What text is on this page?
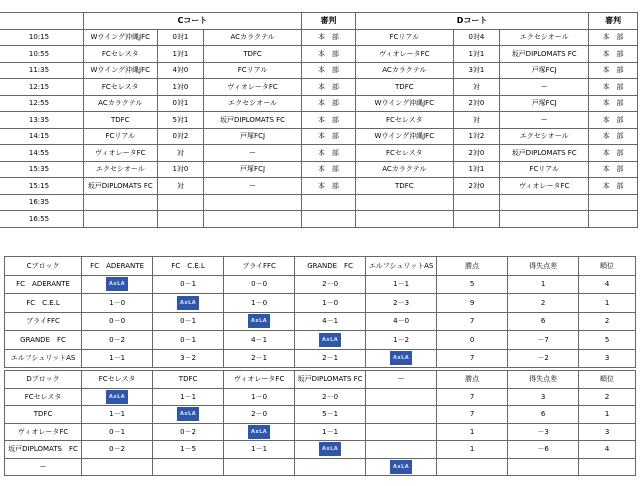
	Cコート			審判	Dコート			審判
10:15	Wウイング沖縄JFC	0対1	ACカラクテル	本　部	FCリアル	0対4	エクセシオール	本　部
10:55	FCセレスタ	1対1	TDFC	本　部	ヴィオレータFC	1対1	坂戸DIPLOMATS FC	本　部
11:35	Wウイング沖縄JFC	4対0	FCリアル	本　部	ACカラクテル	3対1	戸塚FCJ	本　部
12:15	FCセレスタ	1対0	ヴィオレータFC	本　部	TDFC	対	ー	本　部
12:55	ACカラクテル	0対1	エクセシオール	本　部	Wウイング沖縄JFC	2対0	戸塚FCJ	本　部
13:35	TDFC	5対1	坂戸DIPLOMATS FC	本　部	FCセレスタ	対	ー	本　部
14:15	FCリアル	0対2	戸塚FCJ	本　部	Wウイング沖縄JFC	1対2	エクセシオール	本　部
14:55	ヴィオレータFC	対	ー	本　部	FCセレスタ	2対0	坂戸DIPLOMATS FC	本　部
15:35	エクセシオール	1対0	戸塚FCJ	本　部	ACカラクテル	1対1	FCリアル	本　部
15:15	坂戸DIPLOMATS FC	対	ー	本　部	TDFC	2対0	ヴィオレータFC	本　部
16:35								
16:55								
Cブロック	FC　ADERANTE	FC　C.E.L	ブライFFC	GRANDE　FC	エルフシュリットAS	勝点	得失点差	順位
FC　ADERANTE	AxLA	0－1	0－0	2－0	1－1	5	1	4
FC　C.E.L	1－0	AxLA	1－0	1－0	2－3	9	2	1
ブライFFC	0－0	0－1	AxLA	4－1	4－0	7	6	2
GRANDE　FC	0－2	0－1	4－1	AxLA	1－2	0	－7	5
エルフシュリットAS	1－1	3－2	2－1	2－1	AxLA	7	－2	3
Dブロック	FCセレスタ	TDFC	ヴィオレータFC	坂戸DIPLOMATS FC	ー	勝点	得失点差	順位
FCセレスタ	AxLA	1－1	1－0	2－0		7	3	2
TDFC	1－1	AxLA	2－0	5－1		7	6	1
ヴィオレータFC	0－1	0－2	AxLA	1－1		1	－3	3
坂戸DIPLOMATS　FC	0－2	1－5	1－1	AxLA		1	－6	4
ー					AxLA			
